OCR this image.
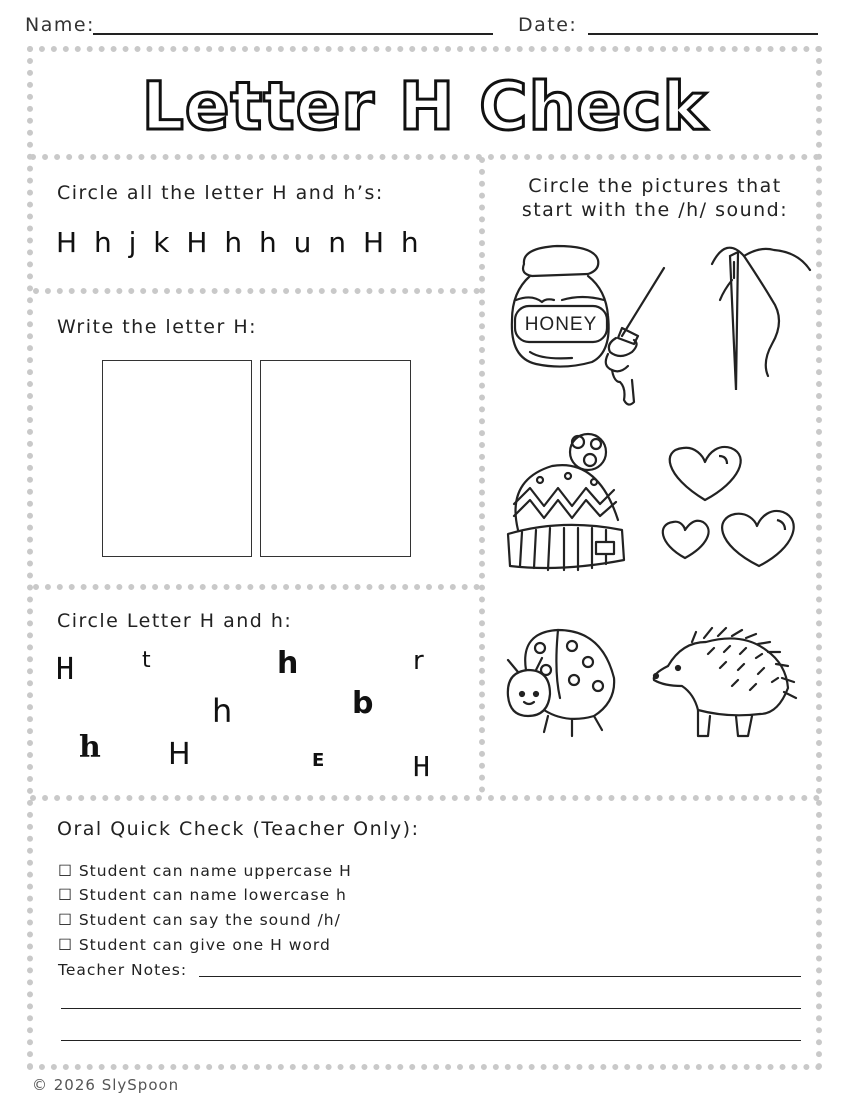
Name:	Date:
Letter H Check
Circle all the letter H and h’s:
H h j k H h h u n H h
Write the letter H:
Circle Letter H and h:
H	t	h	r
h	b
h H	E	H
Circle the pictures that
start with the /h/ sound:
HONEY
Oral Quick Check (Teacher Only):
☐ Student can name uppercase H
☐ Student can name lowercase h
☐ Student can say the sound /h/
☐ Student can give one H word
Teacher Notes:
© 2026 SlySpoon
